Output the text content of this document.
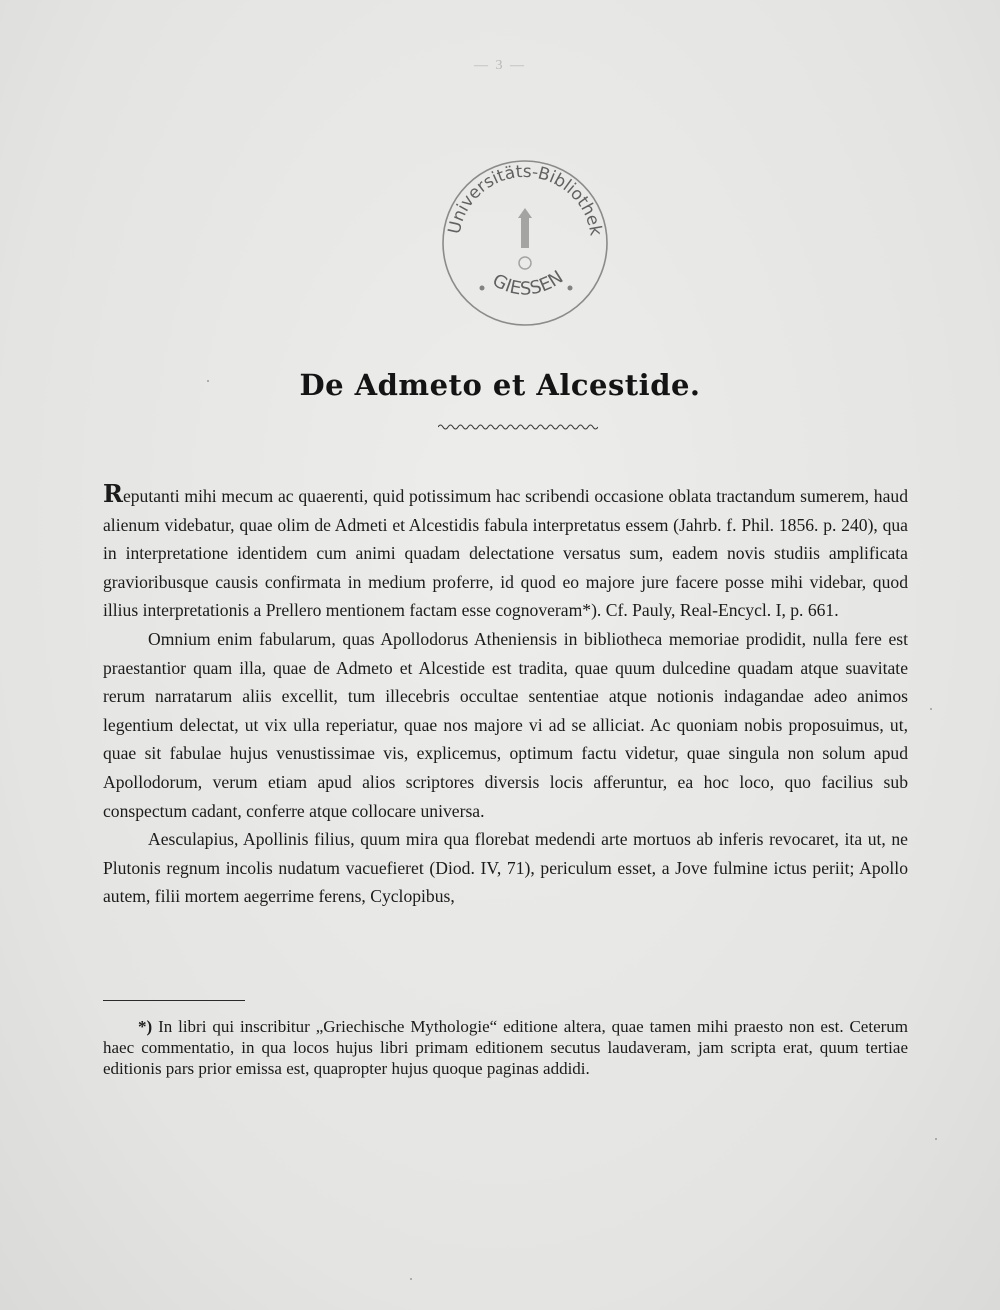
— 3 —
Universitäts-Bibliothek
GIESSEN
De Admeto et Alcestide.

Reputanti mihi mecum ac quaerenti, quid potissimum hac scribendi occasione oblata tractandum sumerem, haud alienum videbatur, quae olim de Admeti et Alcestidis fabula interpretatus essem (Jahrb. f. Phil. 1856. p. 240), qua in interpretatione identidem cum animi quadam delectatione versatus sum, eadem novis studiis amplificata gravioribusque causis confirmata in medium proferre, id quod eo majore jure facere posse mihi videbar, quod illius interpretationis a Prellero mentionem factam esse cognoveram*). Cf. Pauly, Real-Encycl. I, p. 661.

Omnium enim fabularum, quas Apollodorus Atheniensis in bibliotheca memoriae prodidit, nulla fere est praestantior quam illa, quae de Admeto et Alcestide est tradita, quae quum dulcedine quadam atque suavitate rerum narratarum aliis excellit, tum illecebris occultae sententiae atque notionis indagandae adeo animos legentium delectat, ut vix ulla reperiatur, quae nos majore vi ad se alliciat. Ac quoniam nobis proposuimus, ut, quae sit fabulae hujus venustissimae vis, explicemus, optimum factu videtur, quae singula non solum apud Apollodorum, verum etiam apud alios scriptores diversis locis afferuntur, ea hoc loco, quo facilius sub conspectum cadant, conferre atque collocare universa.

Aesculapius, Apollinis filius, quum mira qua florebat medendi arte mortuos ab inferis revocaret, ita ut, ne Plutonis regnum incolis nudatum vacuefieret (Diod. IV, 71), periculum esset, a Jove fulmine ictus periit; Apollo autem, filii mortem aegerrime ferens, Cyclopibus,

*) In libri qui inscribitur „Griechische Mythologie“ editione altera, quae tamen mihi praesto non est. Ceterum haec commentatio, in qua locos hujus libri primam editionem secutus laudaveram, jam scripta erat, quum tertiae editionis pars prior emissa est, quapropter hujus quoque paginas addidi.
